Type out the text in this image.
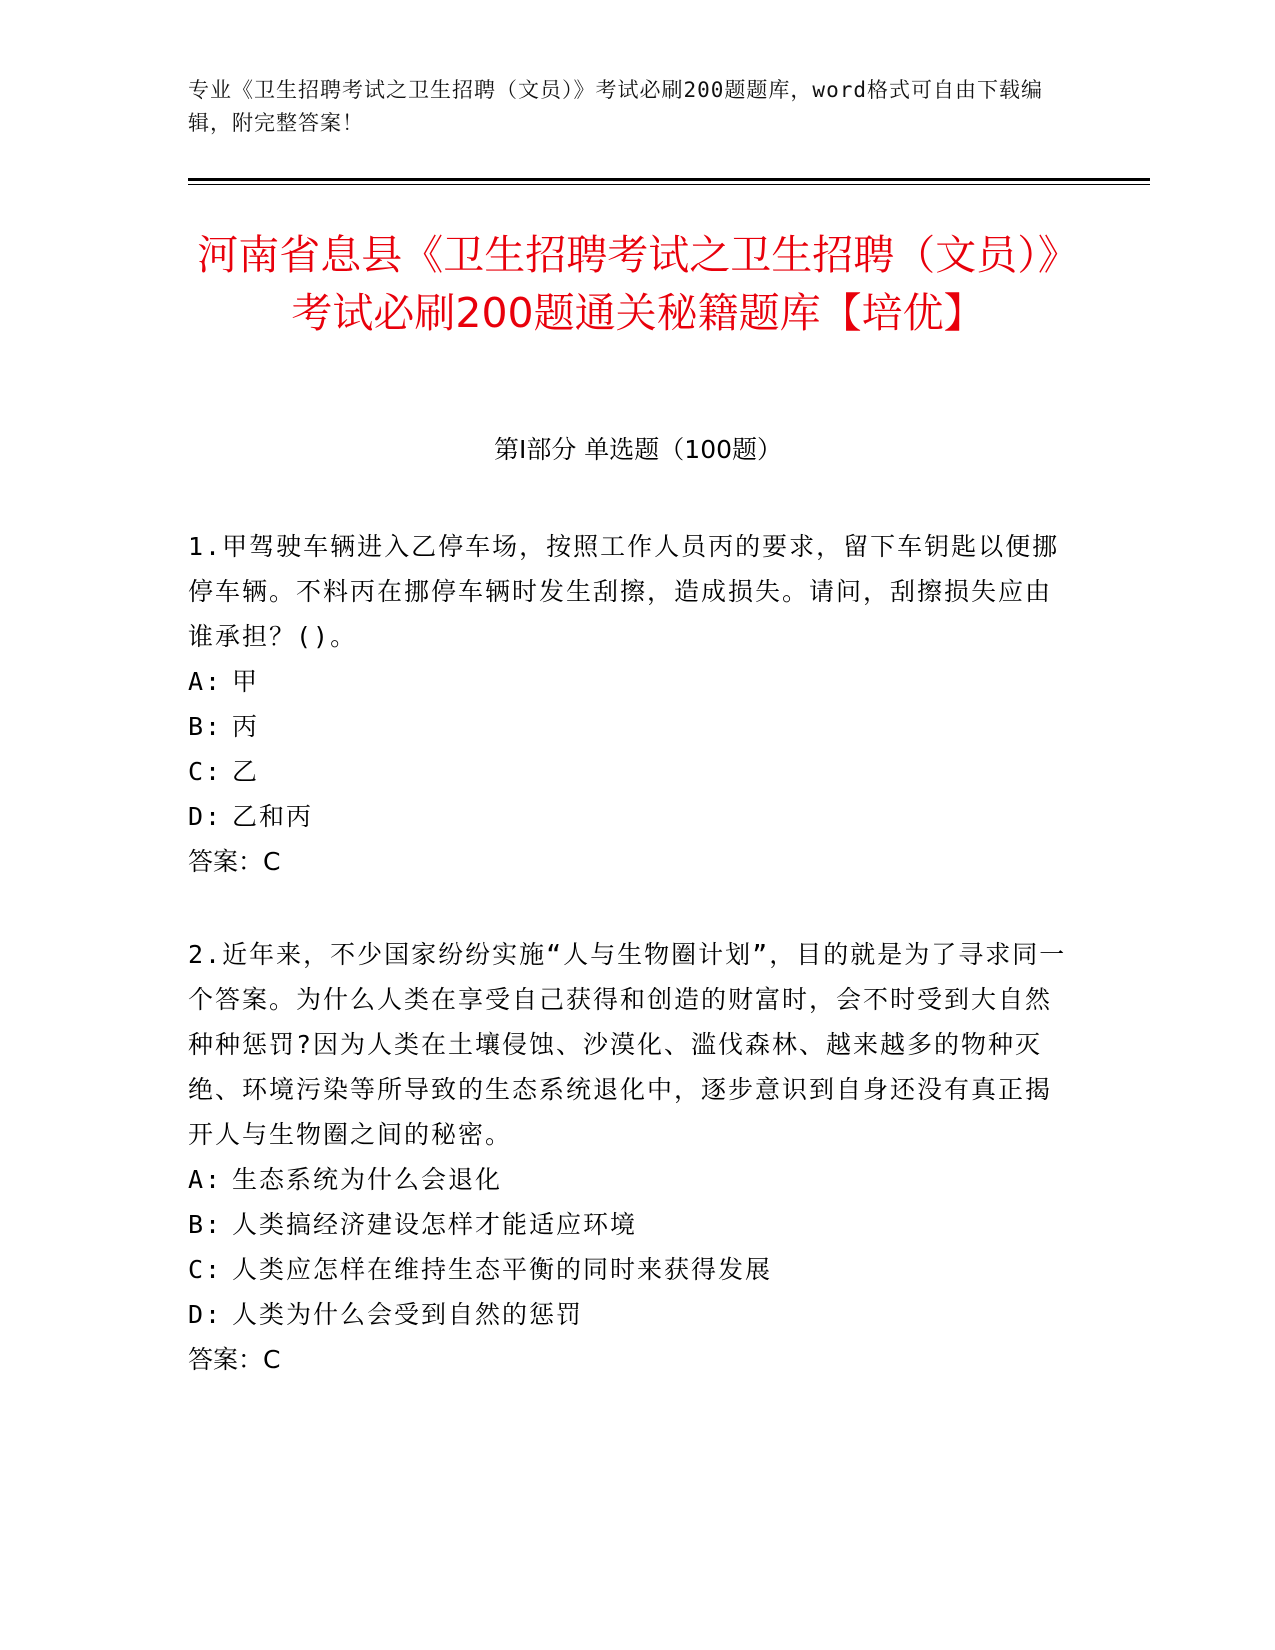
专业《卫生招聘考试之卫生招聘（文员）》考试必刷200题题库，word格式可自由下载编辑，附完整答案！
河南省息县《卫生招聘考试之卫生招聘（文员）》考试必刷200题通关秘籍题库【培优】
第I部分 单选题（100题）

1.甲驾驶车辆进入乙停车场，按照工作人员丙的要求，留下车钥匙以便挪停车辆。不料丙在挪停车辆时发生刮擦，造成损失。请问，刮擦损失应由谁承担？()。

A: 甲

B: 丙

C: 乙

D: 乙和丙

答案：C

2.近年来，不少国家纷纷实施“人与生物圈计划”，目的就是为了寻求同一个答案。为什么人类在享受自己获得和创造的财富时，会不时受到大自然种种惩罚?因为人类在土壤侵蚀、沙漠化、滥伐森林、越来越多的物种灭绝、环境污染等所导致的生态系统退化中，逐步意识到自身还没有真正揭开人与生物圈之间的秘密。

A: 生态系统为什么会退化

B: 人类搞经济建设怎样才能适应环境

C: 人类应怎样在维持生态平衡的同时来获得发展

D: 人类为什么会受到自然的惩罚

答案：C
